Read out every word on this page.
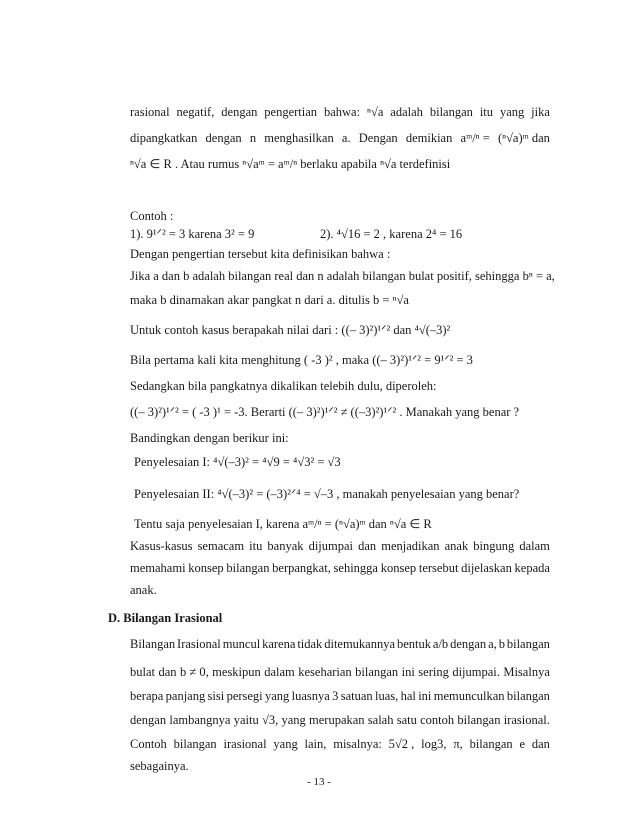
rasional negatif, dengan pengertian bahwa: ⁿ√a adalah bilangan itu yang jika
dipangkatkan dengan n menghasilkan a. Dengan demikian aᵐ/ⁿ = (ⁿ√a)ᵐ dan
ⁿ√a ∈ R . Atau rumus ⁿ√aᵐ = aᵐ/ⁿ berlaku apabila ⁿ√a terdefinisi
Contoh :
1). 9¹ᐟ² = 3 karena 3² = 9	2). ⁴√16 = 2 , karena 2⁴ = 16
Dengan pengertian tersebut kita definisikan bahwa :
Jika a dan b adalah bilangan real dan n adalah bilangan bulat positif, sehingga bⁿ = a,
maka b dinamakan akar pangkat n dari a. ditulis b = ⁿ√a
Untuk contoh kasus berapakah nilai dari : ((– 3)²)¹ᐟ² dan ⁴√(–3)²
Bila pertama kali kita menghitung ( -3 )² , maka ((– 3)²)¹ᐟ² = 9¹ᐟ² = 3
Sedangkan bila pangkatnya dikalikan telebih dulu, diperoleh:
((– 3)²)¹ᐟ² = ( -3 )¹ = -3. Berarti ((– 3)²)¹ᐟ² ≠ ((–3)²)¹ᐟ² . Manakah yang benar ?
Bandingkan dengan berikur ini:
Penyelesaian I: ⁴√(–3)² = ⁴√9 = ⁴√3² = √3
Penyelesaian II: ⁴√(–3)² = (–3)²ᐟ⁴ = √–3 , manakah penyelesaian yang benar?
Tentu saja penyelesaian I, karena aᵐ/ⁿ = (ⁿ√a)ᵐ dan ⁿ√a ∈ R
Kasus-kasus semacam itu banyak dijumpai dan menjadikan anak bingung dalam
memahami konsep bilangan berpangkat, sehingga konsep tersebut dijelaskan kepada
anak.
D. Bilangan Irasional
Bilangan Irasional muncul karena tidak ditemukannya bentuk a/b dengan a, b bilangan
bulat dan b ≠ 0, meskipun dalam keseharian bilangan ini sering dijumpai. Misalnya
berapa panjang sisi persegi yang luasnya 3 satuan luas, hal ini memunculkan bilangan
dengan lambangnya yaitu √3, yang merupakan salah satu contoh bilangan irasional.
Contoh bilangan irasional yang lain, misalnya: 5√2 , log3, π, bilangan e dan
sebagainya.
- 13 -
